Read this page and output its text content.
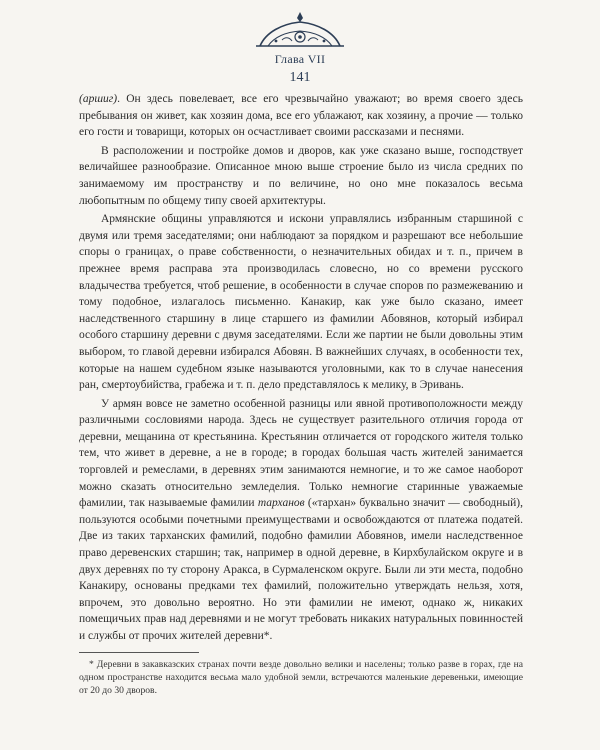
Глава VII
141

(аршиг). Он здесь повелевает, все его чрезвычайно уважают; во время своего здесь пребывания он живет, как хозяин дома, все его ублажают, как хозяину, а прочие — только его гости и товарищи, которых он осчастливает своими рассказами и песнями.

В расположении и постройке домов и дворов, как уже сказано выше, господствует величайшее разнообразие. Описанное мною выше строение было из числа средних по занимаемому им пространству и по величине, но оно мне показалось весьма любопытным по общему типу своей архитектуры.

Армянские общины управляются и искони управлялись избранным старшиной с двумя или тремя заседателями; они наблюдают за порядком и разрешают все небольшие споры о границах, о праве собственности, о незначительных обидах и т. п., причем в прежнее время расправа эта производилась словесно, но со времени русского владычества требуется, чтоб решение, в особенности в случае споров по размежеванию и тому подобное, излагалось письменно. Канакир, как уже было сказано, имеет наследственного старшину в лице старшего из фамилии Абовянов, который избирал особого старшину деревни с двумя заседателями. Если же партии не были довольны этим выбором, то главой деревни избирался Абовян. В важнейших случаях, в особенности тех, которые на нашем судебном языке называются уголовными, как то в случае нанесения ран, смертоубийства, грабежа и т. п. дело представлялось к мелику, в Эривань.

У армян вовсе не заметно особенной разницы или явной противоположности между различными сословиями народа. Здесь не существует разительного отличия города от деревни, мещанина от крестьянина. Крестьянин отличается от городского жителя только тем, что живет в деревне, а не в городе; в городах большая часть жителей занимается торговлей и ремеслами, в деревнях этим занимаются немногие, и то же самое наоборот можно сказать относительно земледелия. Только немногие старинные уважаемые фамилии, так называемые фамилии тарханов («тархан» буквально значит — свободный), пользуются особыми почетными преимуществами и освобождаются от платежа податей. Две из таких тарханских фамилий, подобно фамилии Абовянов, имели наследственное право деревенских старшин; так, например в одной деревне, в Кирхбулайском округе и в двух деревнях по ту сторону Аракса, в Сурмаленском округе. Были ли эти места, подобно Канакиру, основаны предками тех фамилий, положительно утверждать нельзя, хотя, впрочем, это довольно вероятно. Но эти фамилии не имеют, однако ж, никаких помещичьих прав над деревнями и не могут требовать никаких натуральных повинностей и службы от прочих жителей деревни*.

* Деревни в закавказских странах почти везде довольно велики и населены; только разве в горах, где на одном пространстве находится весьма мало удобной земли, встречаются маленькие деревеньки, имеющие от 20 до 30 дворов.
